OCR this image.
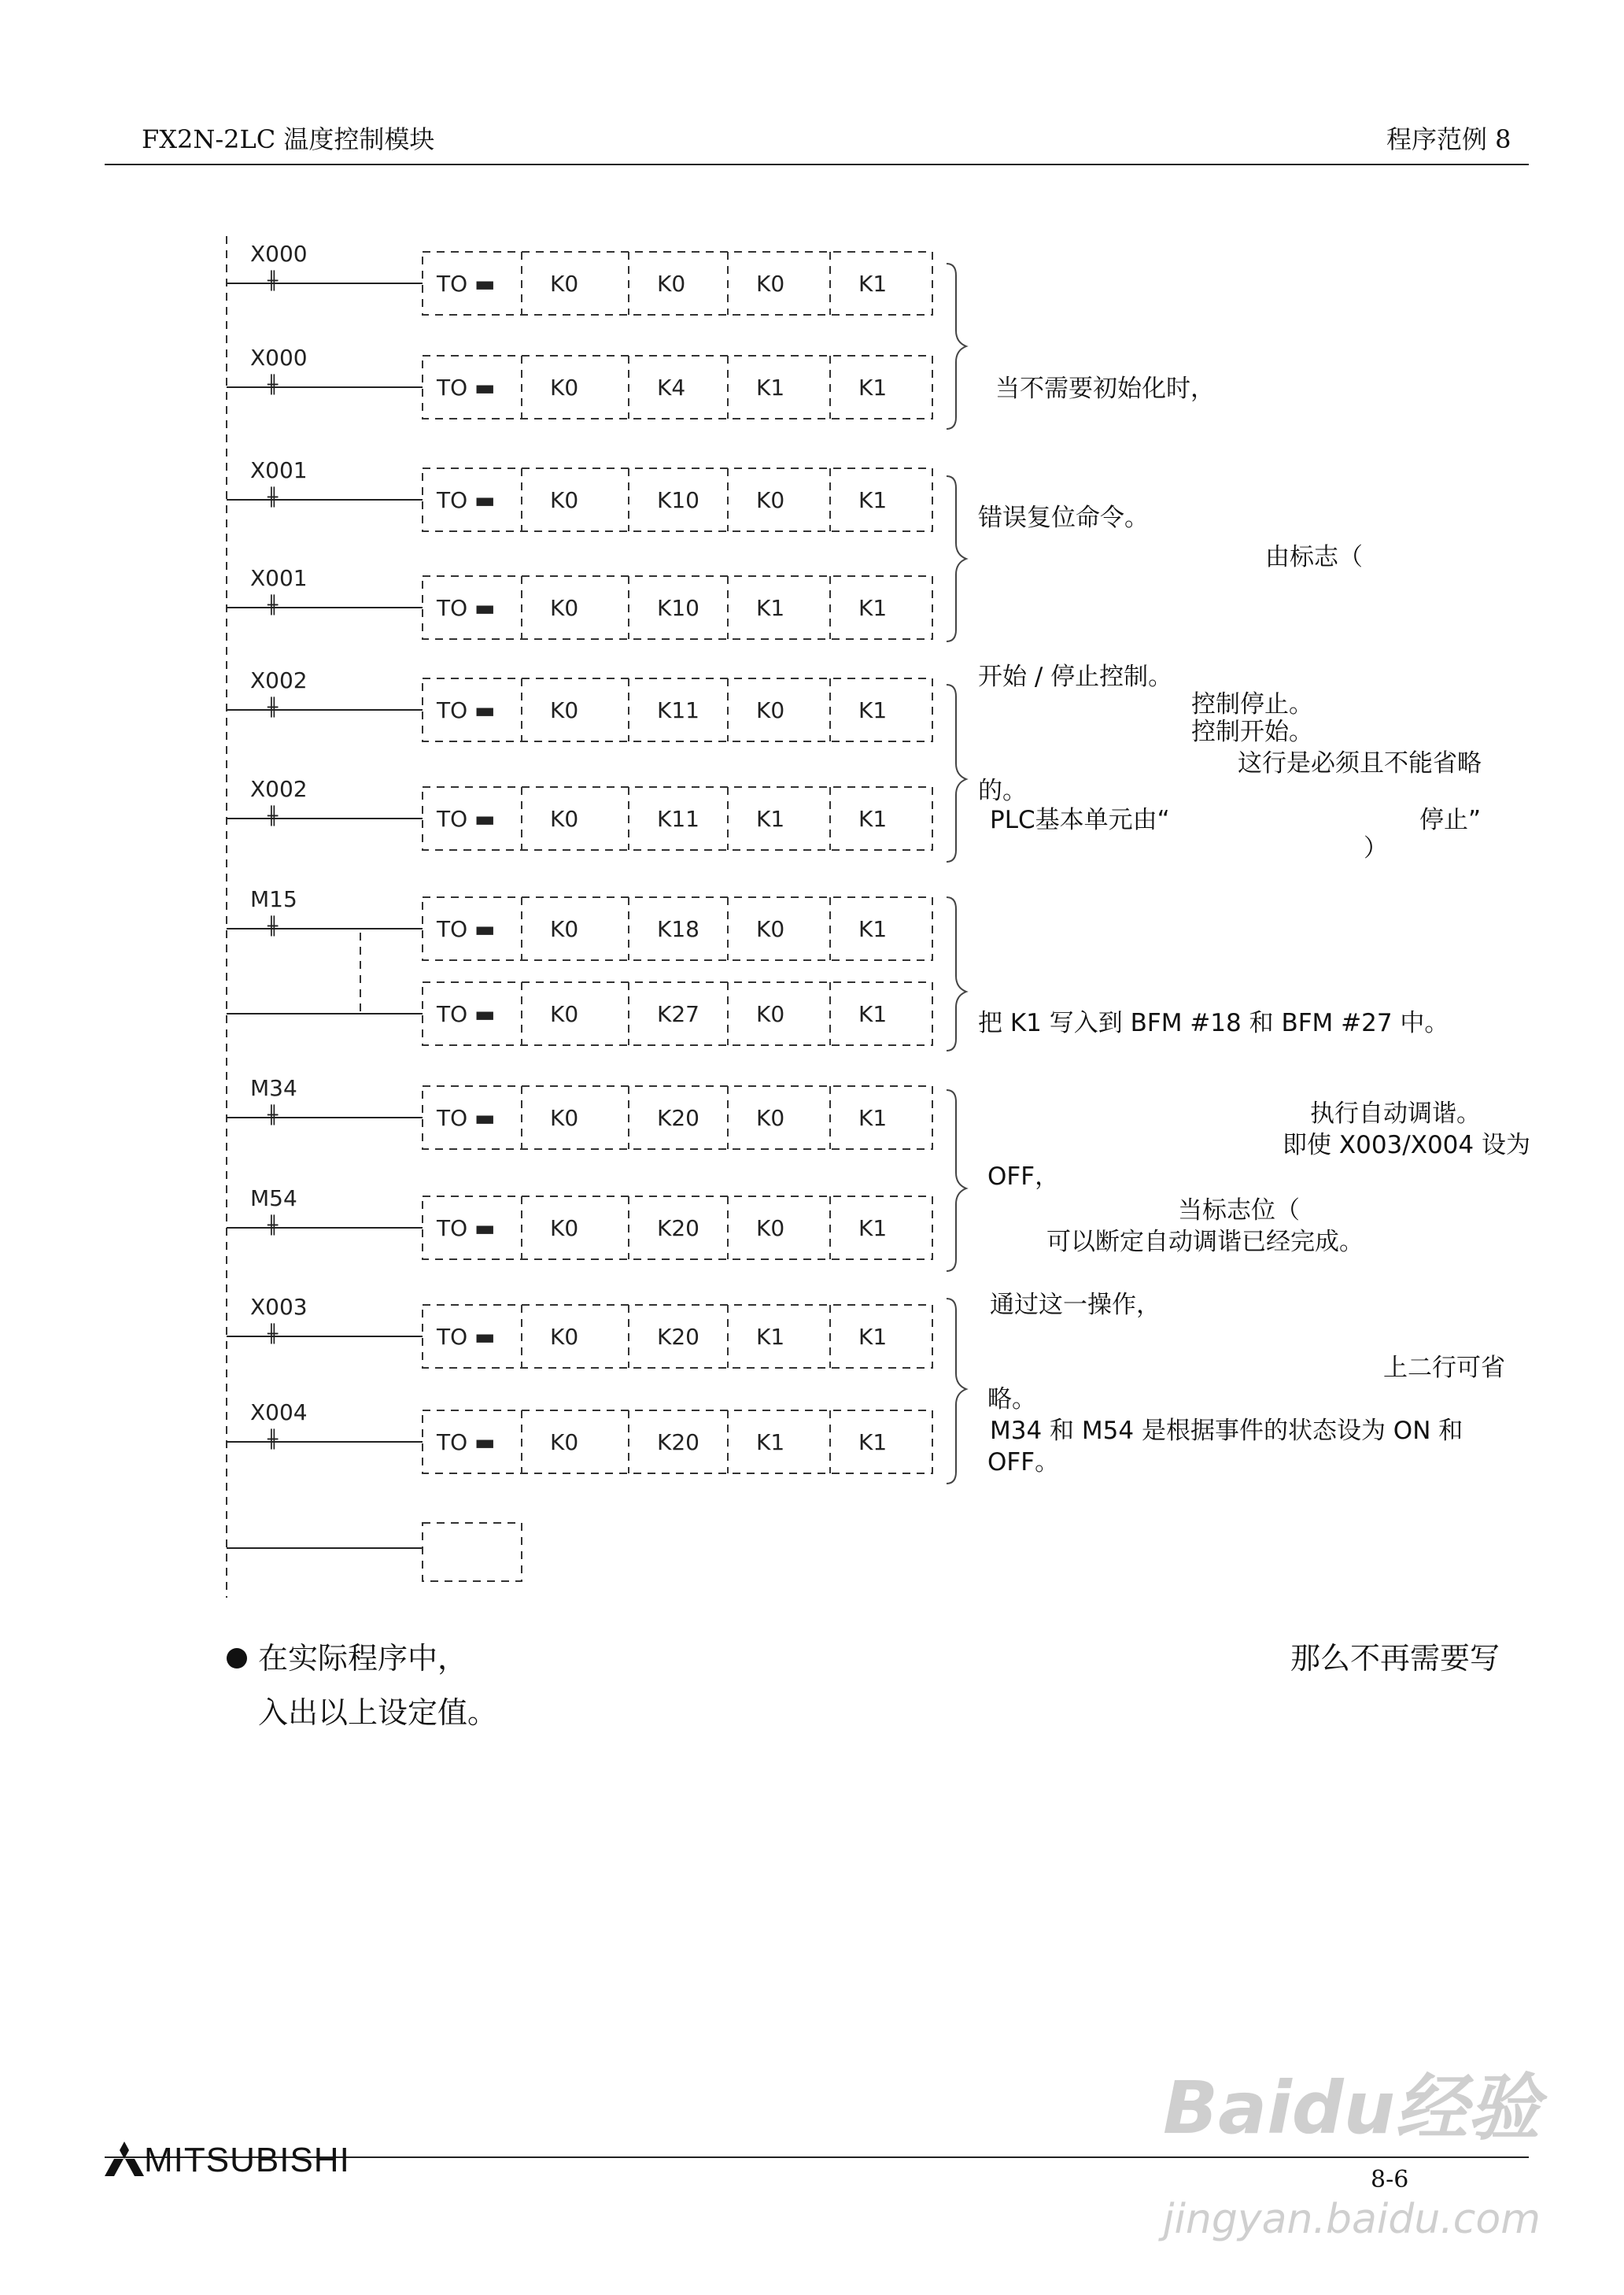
FX2N-2LC 温度控制模块	程序范例 8
X000
╫	TO ▬ K0	K0	K0	K1
X000
╫	TO ▬ K0	K4	K1	K1
X001
╫	TO ▬ K0	K10	K0	K1
X001
╫	TO ▬ K0	K10	K1	K1
X002
╫	TO ▬ K0	K11	K0	K1
X002
╫	TO ▬ K0	K11	K1	K1
M15
╫	TO ▬ K0	K18	K0	K1
TO ▬ K0	K27	K0	K1
M34
╫	TO ▬ K0	K20	K0	K1
M54
╫	TO ▬ K0	K20	K0	K1
X003
╫	TO ▬ K0	K20	K1	K1
X004
╫	TO ▬ K0	K20	K1	K1
当不需要初始化时，
错误复位命令。
由标志（
开始 / 停止控制。
控制停止。
控制开始。
这行是必须且不能省略
的。
PLC基本单元由“	停止”
）
把 K1 写入到 BFM #18 和 BFM #27 中。
执行自动调谐。
即使 X003/X004 设为
OFF，
当标志位（
可以断定自动调谐已经完成。
通过这一操作，
上二行可省
略。
M34 和 M54 是根据事件的状态设为 ON 和
OFF。
在实际程序中，	那么不再需要写
入出以上设定值。
MITSUBISHI
8-6
Baidu经验
jingyan.baidu.com
